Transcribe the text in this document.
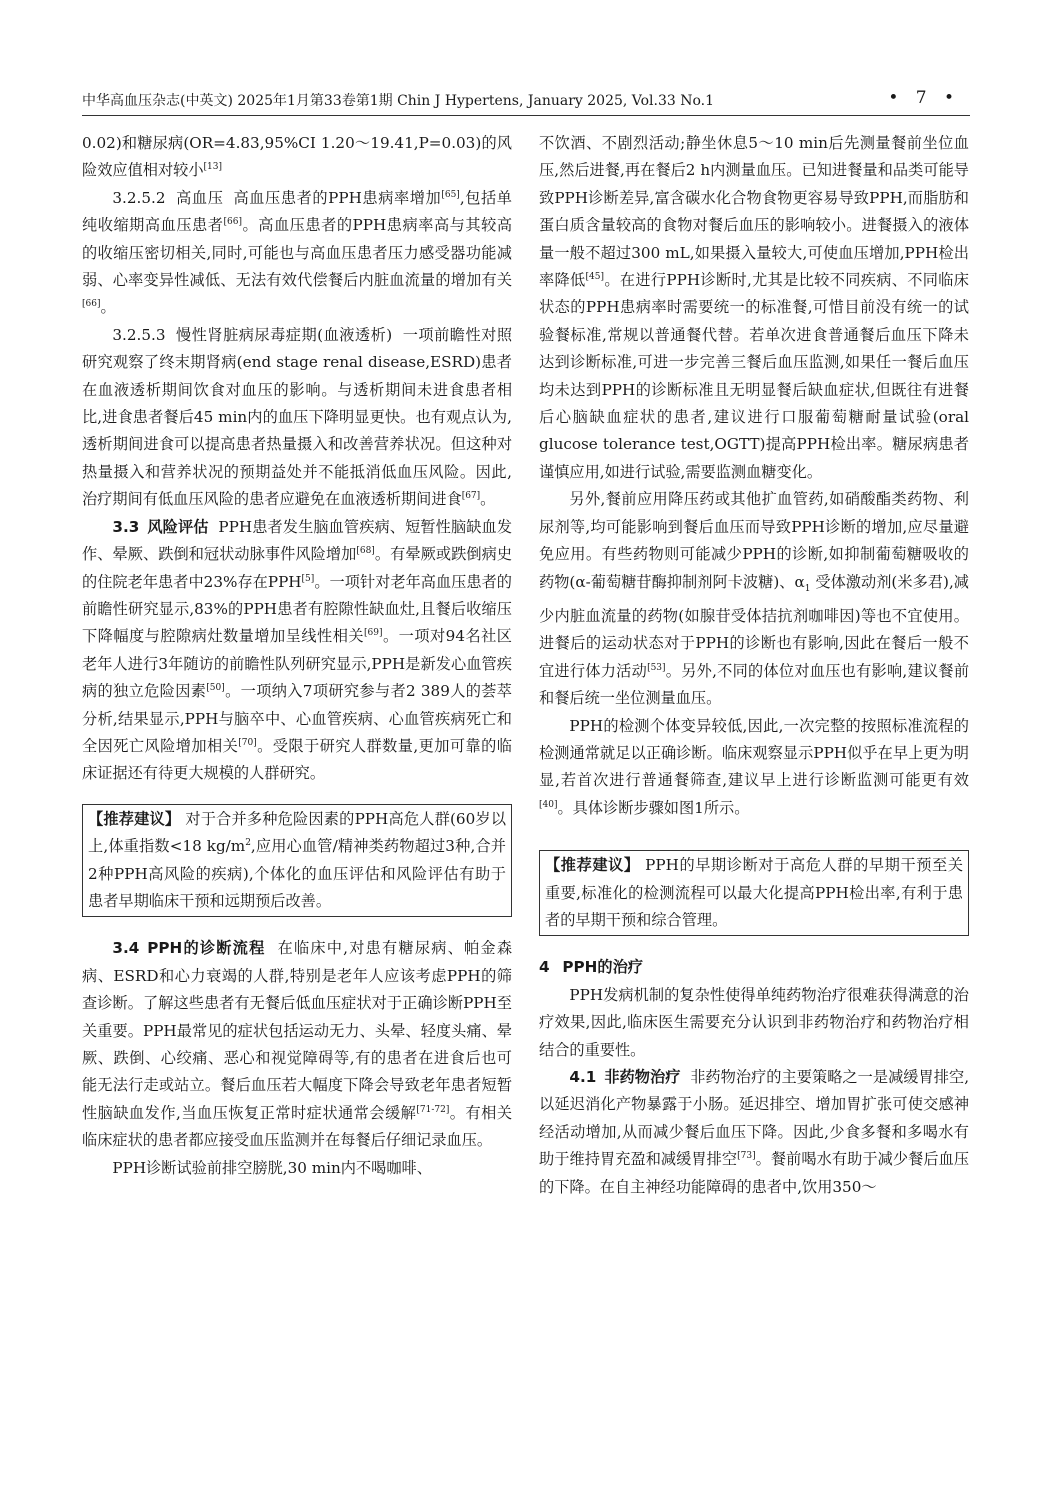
中华高血压杂志(中英文) 2025年1月第33卷第1期 Chin J Hypertens, January 2025, Vol.33 No.1	• 7 •

0.02)和糖尿病(OR=4.83,95%CI 1.20～19.41,P=0.03)的风险效应值相对较小[13]

3.2.5.2 高血压 高血压患者的PPH患病率增加[65],包括单纯收缩期高血压患者[66]。高血压患者的PPH患病率高与其较高的收缩压密切相关,同时,可能也与高血压患者压力感受器功能减弱、心率变异性减低、无法有效代偿餐后内脏血流量的增加有关[66]。

3.2.5.3 慢性肾脏病尿毒症期(血液透析) 一项前瞻性对照研究观察了终末期肾病(end stage renal disease,ESRD)患者在血液透析期间饮食对血压的影响。与透析期间未进食患者相比,进食患者餐后45 min内的血压下降明显更快。也有观点认为,透析期间进食可以提高患者热量摄入和改善营养状况。但这种对热量摄入和营养状况的预期益处并不能抵消低血压风险。因此,治疗期间有低血压风险的患者应避免在血液透析期间进食[67]。

3.3 风险评估 PPH患者发生脑血管疾病、短暂性脑缺血发作、晕厥、跌倒和冠状动脉事件风险增加[68]。有晕厥或跌倒病史的住院老年患者中23%存在PPH[5]。一项针对老年高血压患者的前瞻性研究显示,83%的PPH患者有腔隙性缺血灶,且餐后收缩压下降幅度与腔隙病灶数量增加呈线性相关[69]。一项对94名社区老年人进行3年随访的前瞻性队列研究显示,PPH是新发心血管疾病的独立危险因素[50]。一项纳入7项研究参与者2 389人的荟萃分析,结果显示,PPH与脑卒中、心血管疾病、心血管疾病死亡和全因死亡风险增加相关[70]。受限于研究人群数量,更加可靠的临床证据还有待更大规模的人群研究。

【推荐建议】 对于合并多种危险因素的PPH高危人群(60岁以上,体重指数<18 $kg/m^2$,应用心血管/精神类药物超过3种,合并2种PPH高风险的疾病),个体化的血压评估和风险评估有助于患者早期临床干预和远期预后改善。

3.4 PPH的诊断流程 在临床中,对患有糖尿病、帕金森病、ESRD和心力衰竭的人群,特别是老年人应该考虑PPH的筛查诊断。了解这些患者有无餐后低血压症状对于正确诊断PPH至关重要。PPH最常见的症状包括运动无力、头晕、轻度头痛、晕厥、跌倒、心绞痛、恶心和视觉障碍等,有的患者在进食后也可能无法行走或站立。餐后血压若大幅度下降会导致老年患者短暂性脑缺血发作,当血压恢复正常时症状通常会缓解[71-72]。有相关临床症状的患者都应接受血压监测并在每餐后仔细记录血压。

PPH诊断试验前排空膀胱,30 min内不喝咖啡、

不饮酒、不剧烈活动;静坐休息5～10 min后先测量餐前坐位血压,然后进餐,再在餐后2 h内测量血压。已知进餐量和品类可能导致PPH诊断差异,富含碳水化合物食物更容易导致PPH,而脂肪和蛋白质含量较高的食物对餐后血压的影响较小。进餐摄入的液体量一般不超过300 mL,如果摄入量较大,可使血压增加,PPH检出率降低[45]。在进行PPH诊断时,尤其是比较不同疾病、不同临床状态的PPH患病率时需要统一的标准餐,可惜目前没有统一的试验餐标准,常规以普通餐代替。若单次进食普通餐后血压下降未达到诊断标准,可进一步完善三餐后血压监测,如果任一餐后血压均未达到PPH的诊断标准且无明显餐后缺血症状,但既往有进餐后心脑缺血症状的患者,建议进行口服葡萄糖耐量试验(oral glucose tolerance test,OGTT)提高PPH检出率。糖尿病患者谨慎应用,如进行试验,需要监测血糖变化。

另外,餐前应用降压药或其他扩血管药,如硝酸酯类药物、利尿剂等,均可能影响到餐后血压而导致PPH诊断的增加,应尽量避免应用。有些药物则可能减少PPH的诊断,如抑制葡萄糖吸收的药物(α-葡萄糖苷酶抑制剂阿卡波糖)、$\alpha_1$ 受体激动剂(米多君),减少内脏血流量的药物(如腺苷受体拮抗剂咖啡因)等也不宜使用。进餐后的运动状态对于PPH的诊断也有影响,因此在餐后一般不宜进行体力活动[53]。另外,不同的体位对血压也有影响,建议餐前和餐后统一坐位测量血压。

PPH的检测个体变异较低,因此,一次完整的按照标准流程的检测通常就足以正确诊断。临床观察显示PPH似乎在早上更为明显,若首次进行普通餐筛查,建议早上进行诊断监测可能更有效[40]。具体诊断步骤如图1所示。

【推荐建议】 PPH的早期诊断对于高危人群的早期干预至关重要,标准化的检测流程可以最大化提高PPH检出率,有利于患者的早期干预和综合管理。

4 PPH的治疗

PPH发病机制的复杂性使得单纯药物治疗很难获得满意的治疗效果,因此,临床医生需要充分认识到非药物治疗和药物治疗相结合的重要性。

4.1 非药物治疗 非药物治疗的主要策略之一是减缓胃排空,以延迟消化产物暴露于小肠。延迟排空、增加胃扩张可使交感神经活动增加,从而减少餐后血压下降。因此,少食多餐和多喝水有助于维持胃充盈和减缓胃排空[73]。餐前喝水有助于减少餐后血压的下降。在自主神经功能障碍的患者中,饮用350～
